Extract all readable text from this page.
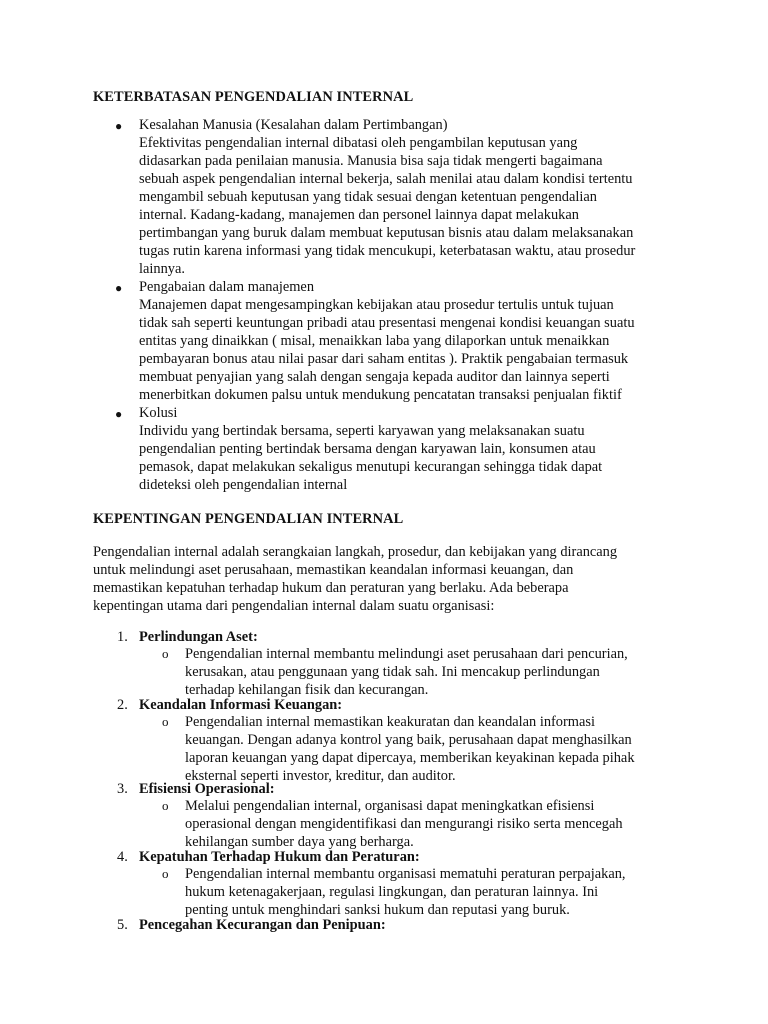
KETERBATASAN PENGENDALIAN INTERNAL
● Kesalahan Manusia (Kesalahan dalam Pertimbangan)
Efektivitas pengendalian internal dibatasi oleh pengambilan keputusan yang
didasarkan pada penilaian manusia. Manusia bisa saja tidak mengerti bagaimana
sebuah aspek pengendalian internal bekerja, salah menilai atau dalam kondisi tertentu
mengambil sebuah keputusan yang tidak sesuai dengan ketentuan pengendalian
internal. Kadang-kadang, manajemen dan personel lainnya dapat melakukan
pertimbangan yang buruk dalam membuat keputusan bisnis atau dalam melaksanakan
tugas rutin karena informasi yang tidak mencukupi, keterbatasan waktu, atau prosedur
lainnya.
● Pengabaian dalam manajemen
Manajemen dapat mengesampingkan kebijakan atau prosedur tertulis untuk tujuan
tidak sah seperti keuntungan pribadi atau presentasi mengenai kondisi keuangan suatu
entitas yang dinaikkan ( misal, menaikkan laba yang dilaporkan untuk menaikkan
pembayaran bonus atau nilai pasar dari saham entitas ). Praktik pengabaian termasuk
membuat penyajian yang salah dengan sengaja kepada auditor dan lainnya seperti
menerbitkan dokumen palsu untuk mendukung pencatatan transaksi penjualan fiktif
● Kolusi
Individu yang bertindak bersama, seperti karyawan yang melaksanakan suatu
pengendalian penting bertindak bersama dengan karyawan lain, konsumen atau
pemasok, dapat melakukan sekaligus menutupi kecurangan sehingga tidak dapat
dideteksi oleh pengendalian internal
KEPENTINGAN PENGENDALIAN INTERNAL
Pengendalian internal adalah serangkaian langkah, prosedur, dan kebijakan yang dirancang
untuk melindungi aset perusahaan, memastikan keandalan informasi keuangan, dan
memastikan kepatuhan terhadap hukum dan peraturan yang berlaku. Ada beberapa
kepentingan utama dari pengendalian internal dalam suatu organisasi:
1. Perlindungan Aset:
o Pengendalian internal membantu melindungi aset perusahaan dari pencurian,
kerusakan, atau penggunaan yang tidak sah. Ini mencakup perlindungan
terhadap kehilangan fisik dan kecurangan.
2. Keandalan Informasi Keuangan:
o Pengendalian internal memastikan keakuratan dan keandalan informasi
keuangan. Dengan adanya kontrol yang baik, perusahaan dapat menghasilkan
laporan keuangan yang dapat dipercaya, memberikan keyakinan kepada pihak
eksternal seperti investor, kreditur, dan auditor.
3. Efisiensi Operasional:
o Melalui pengendalian internal, organisasi dapat meningkatkan efisiensi
operasional dengan mengidentifikasi dan mengurangi risiko serta mencegah
kehilangan sumber daya yang berharga.
4. Kepatuhan Terhadap Hukum dan Peraturan:
o Pengendalian internal membantu organisasi mematuhi peraturan perpajakan,
hukum ketenagakerjaan, regulasi lingkungan, dan peraturan lainnya. Ini
penting untuk menghindari sanksi hukum dan reputasi yang buruk.
5. Pencegahan Kecurangan dan Penipuan:
